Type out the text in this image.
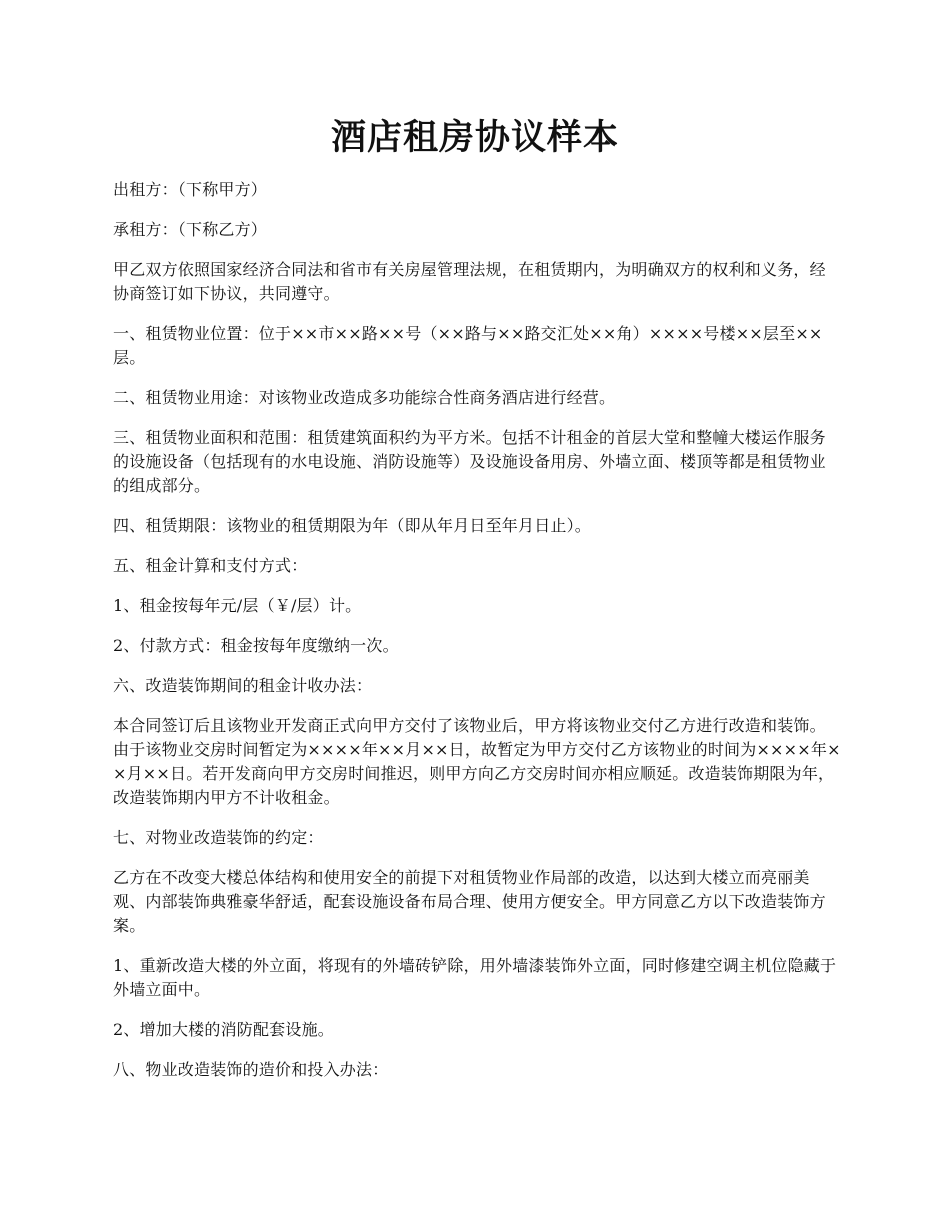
酒店租房协议样本

出租方：（下称甲方）

承租方：（下称乙方）

甲乙双方依照国家经济合同法和省市有关房屋管理法规，在租赁期内，为明确双方的权利和义务，经协商签订如下协议，共同遵守。

一、租赁物业位置：位于××市××路××号（××路与××路交汇处××角）××××号楼××层至××层。

二、租赁物业用途：对该物业改造成多功能综合性商务酒店进行经营。

三、租赁物业面积和范围：租赁建筑面积约为平方米。包括不计租金的首层大堂和整幢大楼运作服务的设施设备（包括现有的水电设施、消防设施等）及设施设备用房、外墙立面、楼顶等都是租赁物业的组成部分。

四、租赁期限：该物业的租赁期限为年（即从年月日至年月日止）。

五、租金计算和支付方式：

1、租金按每年元/层（￥/层）计。

2、付款方式：租金按每年度缴纳一次。

六、改造装饰期间的租金计收办法：

本合同签订后且该物业开发商正式向甲方交付了该物业后，甲方将该物业交付乙方进行改造和装饰。由于该物业交房时间暂定为××××年××月××日，故暂定为甲方交付乙方该物业的时间为××××年××月××日。若开发商向甲方交房时间推迟，则甲方向乙方交房时间亦相应顺延。改造装饰期限为年，改造装饰期内甲方不计收租金。

七、对物业改造装饰的约定：

乙方在不改变大楼总体结构和使用安全的前提下对租赁物业作局部的改造，以达到大楼立而亮丽美观、内部装饰典雅豪华舒适，配套设施设备布局合理、使用方便安全。甲方同意乙方以下改造装饰方案。

1、重新改造大楼的外立面，将现有的外墙砖铲除，用外墙漆装饰外立面，同时修建空调主机位隐藏于外墙立面中。

2、增加大楼的消防配套设施。

八、物业改造装饰的造价和投入办法：
